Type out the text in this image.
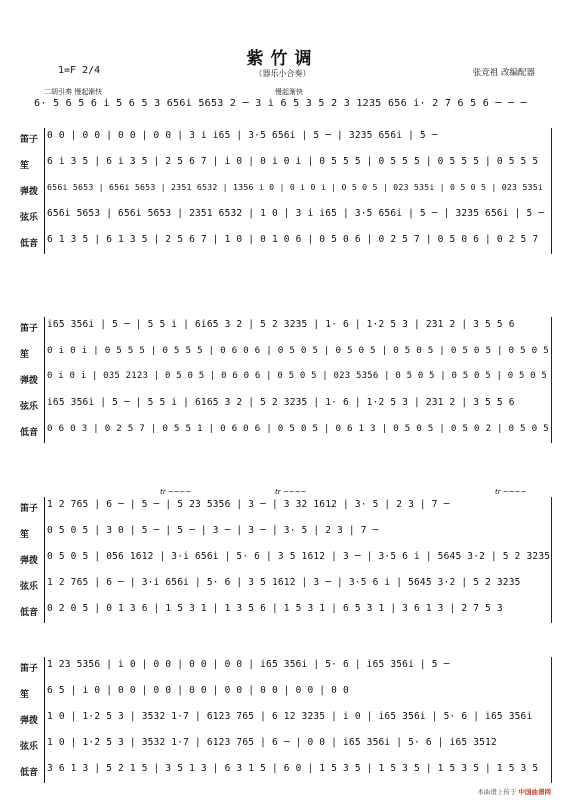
紫竹调
（器乐小合奏）
1=F 2/4	张竞祖 改编配器
二胡引奏 慢起渐快	慢起渐快
6· 5 6 5 6 i 5 6 5 3 656i 5653 2 ─ 3 i 6 5 3 5 2 3 1235 656 i· 2 7 6 5 6 ─ ─ ─
笛子 0 0 | 0 0 | 0 0 | 0 0 | 3 i i65 | 3·5 656i | 5 ─ | 3235 656i | 5 ─
笙	6 i 3 5 | 6 i 3 5 | 2 5 6 7 | i 0 | 0 i 0 i | 0 5 5 5 | 0 5 5 5 | 0 5 5 5 | 0 5 5 5
弹拨	656i 5653 | 656i 5653 | 2351 6532 | 1356 i 0 | 0 i 0 i | 0 5 0 5 | 023 535i | 0 5 0 5 | 023 535i
弦乐 656i 5653 | 656i 5653 | 2351 6532 | 1 0 | 3 i i65 | 3·5 656i | 5 ─ | 3235 656i | 5 ─
低音 6 1 3 5 | 6 1 3 5 | 2 5 6 7 | 1 0 | 0 1 0 6 | 0 5 0 6 | 0 2 5 7 | 0 5 0 6 | 0 2 5 7
笛子 i65 356i | 5 ─ | 5 5 i | 6i65 3 2 | 5 2 3235 | 1· 6 | 1·2 5 3 | 231 2 | 3 5 5 6
笙	0 i 0 i | 0 5 5 5 | 0 5 5 5 | 0 6 0 6 | 0 5 0 5 | 0 5 0 5 | 0 5 0 5 | 0 5 0 5 | 0 5 0 5
弹拨 0 i 0 i | 035 2123 | 0 5 0 5 | 0 6 0 6 | 0 5 0 5 | 023 5356 | 0 5 0 5 | 0 5 0 5 | 0 5 0 5
弦乐 i65 356i | 5 ─ | 5 5 i | 6165 3 2 | 5 2 3235 | 1· 6 | 1·2 5 3 | 231 2 | 3 5 5 6
低音 0 6 0 3 | 0 2 5 7 | 0 5 5 1 | 0 6 0 6 | 0 5 0 5 | 0 6 1 3 | 0 5 0 5 | 0 5 0 2 | 0 5 0 5
tr ~~~~	tr ~~~~	tr ~~~~
笛子 1 2 765 | 6 ─ | 5 ─ | 5 23 5356 | 3 ─ | 3 32 1612 | 3· 5 | 2 3 | 7 ─
笙	0 5 0 5 | 3 0 | 5 ─ | 5 ─ | 3 ─ | 3 ─ | 3· 5 | 2 3 | 7 ─
弹拨 0 5 0 5 | 056 1612 | 3·i 656i | 5· 6 | 3 5 1612 | 3 ─ | 3·5 6 i | 5645 3·2 | 5 2 3235
弦乐 1 2 765 | 6 ─ | 3·i 656i | 5· 6 | 3 5 1612 | 3 ─ | 3·5 6 i | 5645 3·2 | 5 2 3235
低音 0 2 0 5 | 0 1 3 6 | 1 5 3 1 | 1 3 5 6 | 1 5 3 1 | 6 5 3 1 | 3 6 1 3 | 2 7 5 3
笛子 1 23 5356 | i 0 | 0 0 | 0 0 | 0 0 | i65 356i | 5· 6 | i65 356i | 5 ─
笙	6 5 | i 0 | 0 0 | 0 0 | 0 0 | 0 0 | 0 0 | 0 0 | 0 0
弹拨 1 0 | 1·2 5 3 | 3532 1·7 | 6123 765 | 6 12 3235 | i 0 | i65 356i | 5· 6 | i65 356i
弦乐 1 0 | 1·2 5 3 | 3532 1·7 | 6123 765 | 6 ─ | 0 0 | i65 356i | 5· 6 | i65 3512
低音 3 6 1 3 | 5 2 1 5 | 3 5 1 3 | 6 3 1 5 | 6 0 | 1 5 3 5 | 1 5 3 5 | 1 5 3 5 | 1 5 3 5
本曲谱上传于 中国曲谱网
